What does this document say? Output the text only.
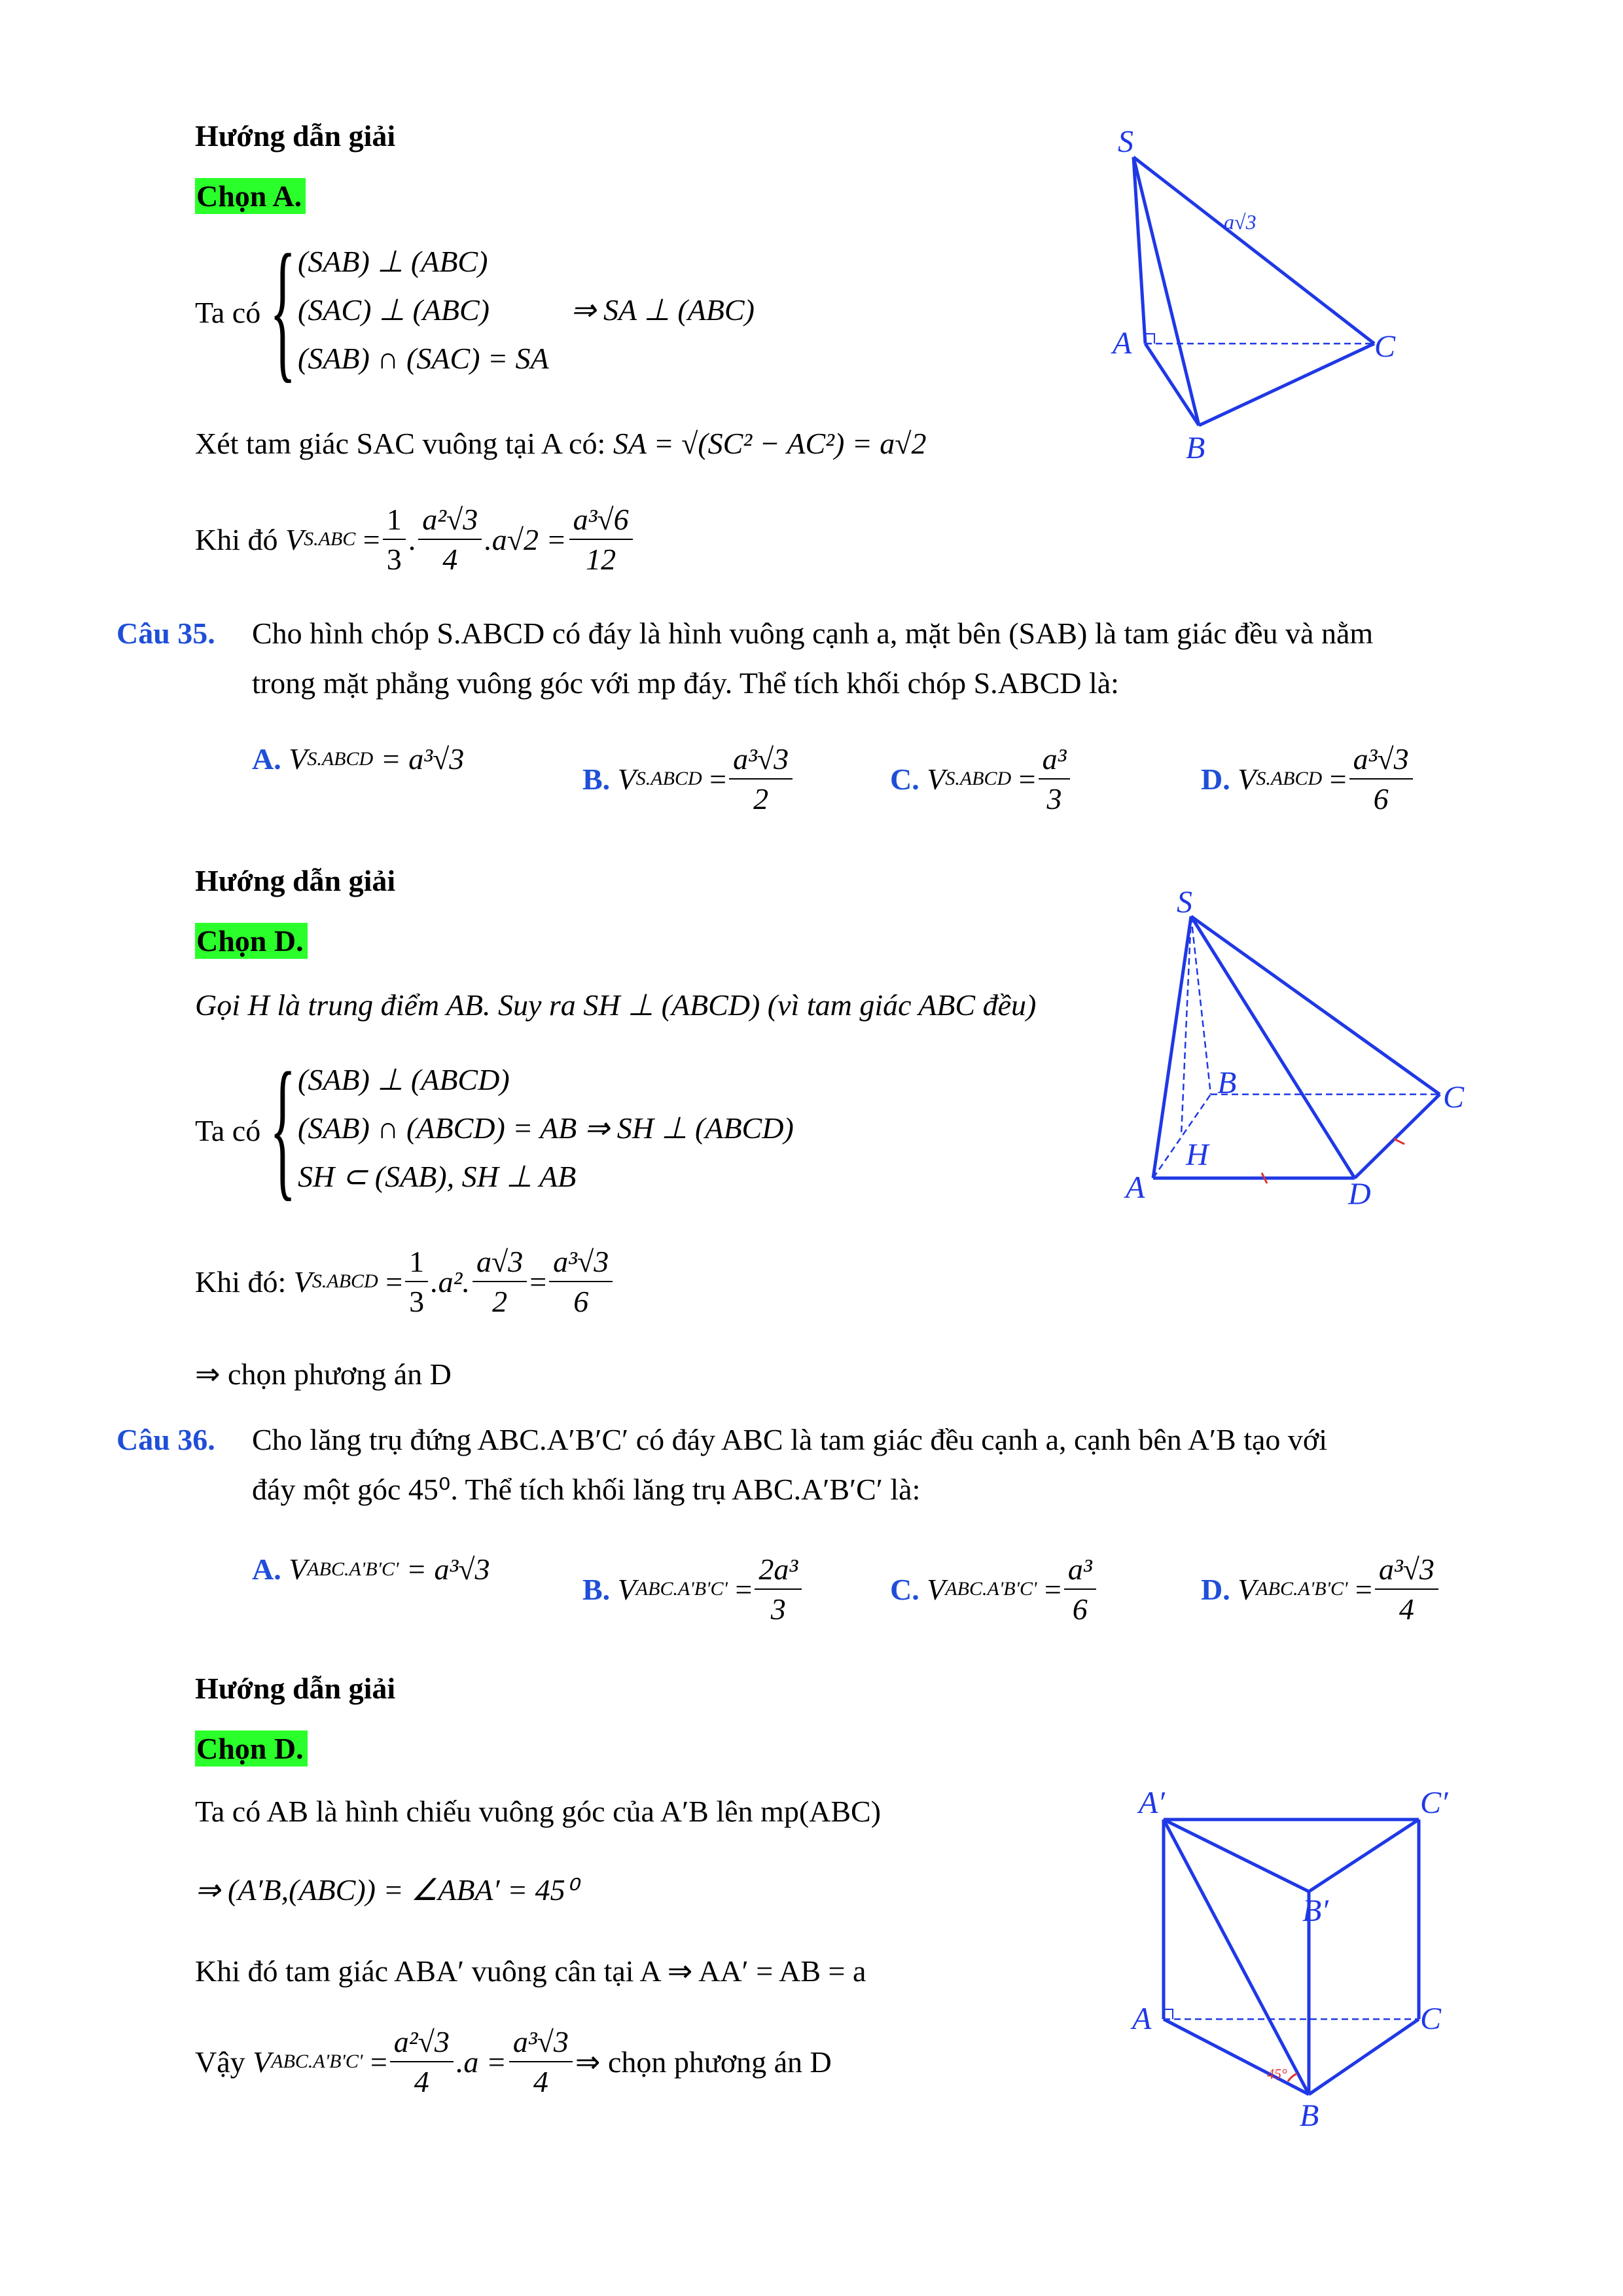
Hướng dẫn giải
Chọn A.
Ta có { (SAB) ⊥ (ABC)
(SAC) ⊥ (ABC)
(SAB) ∩ (SAC) = SA
⇒ SA ⊥ (ABC)
Xét tam giác SAC vuông tại A có: SA = √(SC² − AC²) = a√2
Khi đó
V $S.ABC = \frac{1}{3}$ . $\frac{\text{a²√3}}{4} .a√2 = \frac{\text{a³√6}}{12}$
S
A
B
C
a√3
Câu 35. Cho hình chóp S.ABCD có đáy là hình vuông cạnh a, mặt bên (SAB) là tam giác đều và nằm
trong mặt phẳng vuông góc với mp đáy. Thể tích khối chóp S.ABCD là:
A.
V S.ABCD
= a³√3
B.
V S.ABCD = $\frac{\text{a³√3}}{2}$	C.
V S.ABCD = $\frac{\text{a³}}{3}$	D.
V S.ABCD = $\frac{\text{a³√3}}{6}$
Hướng dẫn giải
Chọn D.
Gọi H là trung điểm AB. Suy ra SH ⊥ (ABCD) (vì tam giác ABC đều)
Ta có { (SAB) ⊥ (ABCD)
(SAB) ∩ (ABCD) = AB ⇒ SH ⊥ (ABCD)
SH ⊂ (SAB), SH ⊥ AB
Khi đó:
V S.ABCD = $\frac{1}{3} .a^2$. $\frac{a√3}{2} = \frac{\text{a³√3}}{6}$
⇒ chọn phương án D
S
A
B	C
D
H
Câu 36. Cho lăng trụ đứng ABC.A′B′C′ có đáy ABC là tam giác đều cạnh a, cạnh bên A′B tạo với
đáy một góc 45⁰. Thể tích khối lăng trụ ABC.A′B′C′ là:
A.
V ABC.A'B'C'
= a³√3
B.
V $ABC.A'B'C' = \frac{\text{2a³}}{3}$	C.
V $ABC.A'B'C' = \frac{\text{a³}}{6}$	D.
V $ABC.A'B'C' = \frac{\text{a³√3}}{4}$
Hướng dẫn giải
Chọn D.
Ta có AB là hình chiếu vuông góc của A′B lên mp(ABC)
⇒ (A′B,(ABC)) = ∠ABA′ = 45⁰
Khi đó tam giác ABA′ vuông cân tại A ⇒ AA′ = AB = a
Vậy
V $ABC.A'B'C' = \frac{\text{a²√3}}{4} .a = \frac{\text{a³√3}}{4}$ ⇒ chọn phương án D	45°
A′	C′
B′
A	C
B
